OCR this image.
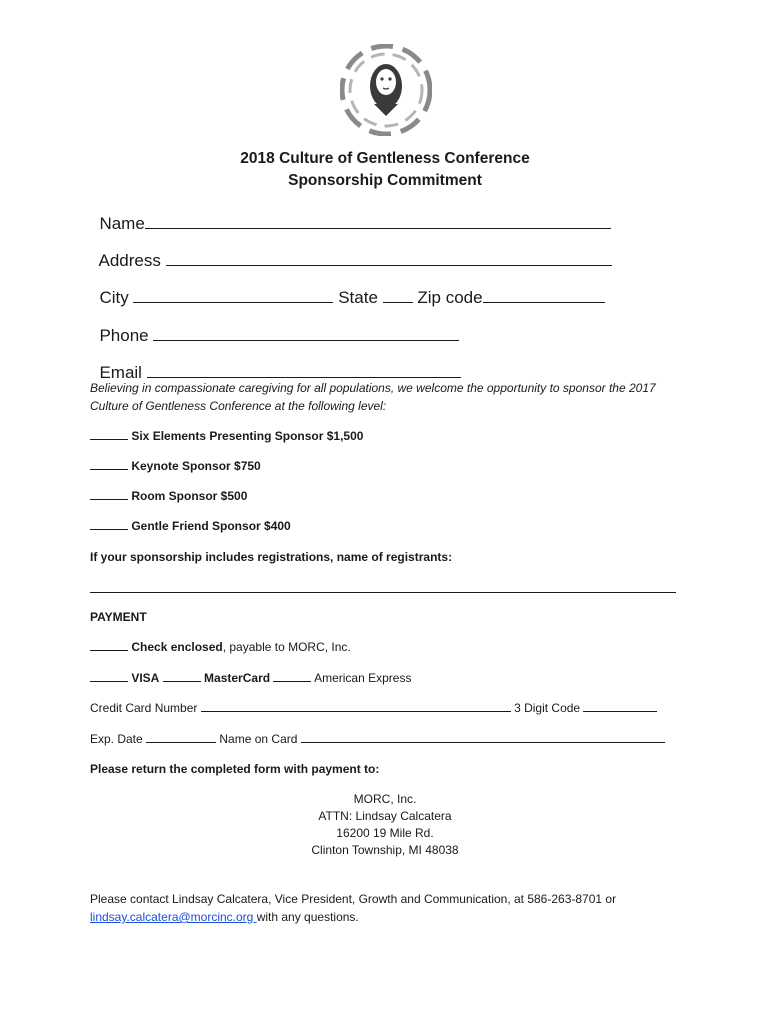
2018 Culture of Gentleness Conference
Sponsorship Commitment

Name

Address

City	State Zip code

Phone

Email

Believing in compassionate caregiving for all populations, we welcome the opportunity to sponsor the 2017 Culture of Gentleness Conference at the following level:
Six Elements Presenting Sponsor $1,500
Keynote Sponsor $750
Room Sponsor $500
Gentle Friend Sponsor $400
If your sponsorship includes registrations, name of registrants:
PAYMENT
Check enclosed, payable to MORC, Inc.
VISA	MasterCard	American Express
Credit Card Number	3 Digit Code
Exp. Date	Name on Card
Please return the completed form with payment to:
MORC, Inc.
ATTN: Lindsay Calcatera
16200 19 Mile Rd.
Clinton Township, MI 48038
Please contact Lindsay Calcatera, Vice President, Growth and Communication, at 586-263-8701 or
lindsay.calcatera@morcinc.org with any questions.
